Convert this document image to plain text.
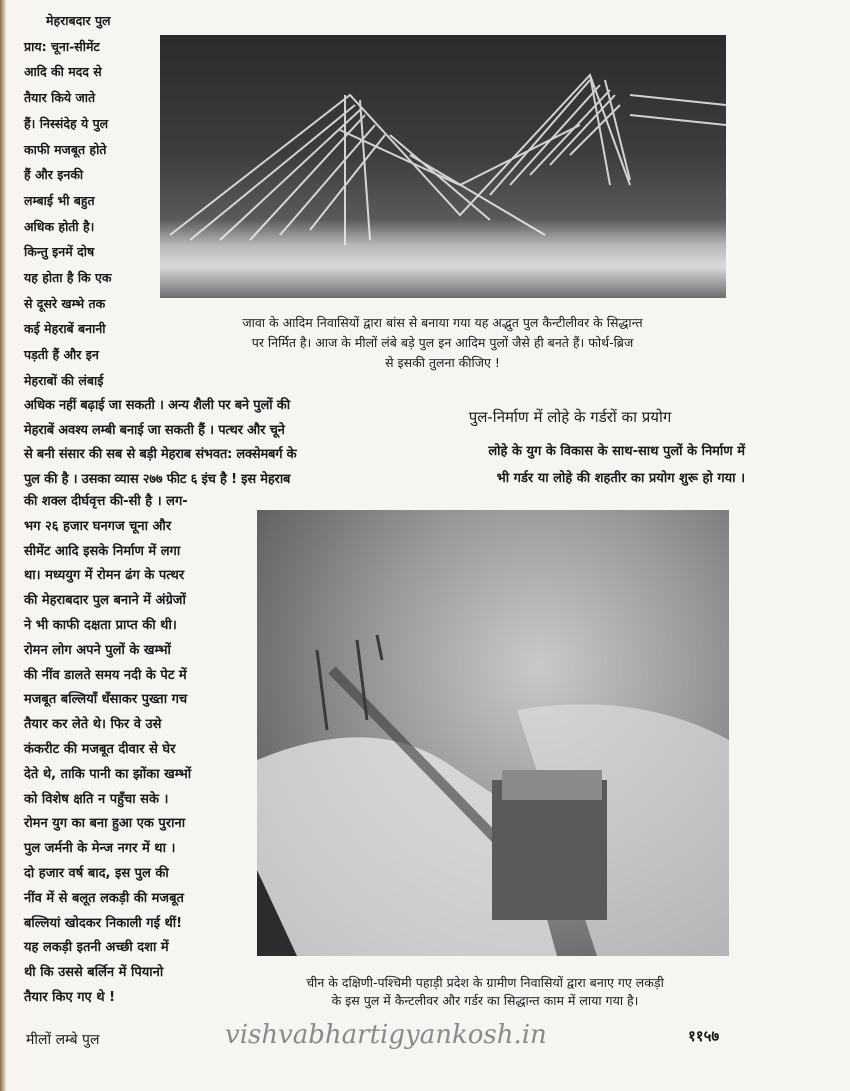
मेहराबदार पुल
प्राय: चूना-सीमेंट
आदि की मदद से
तैयार किये जाते
हैं। निस्संदेह ये पुल
काफी मजबूत होते
हैं और इनकी
लम्बाई भी बहुत
अधिक होती है।
किन्तु इनमें दोष
यह होता है कि एक
से दूसरे खम्भे तक
कई मेहराबें बनानी
पड़ती हैं और इन
मेहराबों की लंबाई
जावा के आदिम निवासियों द्वारा बांस से बनाया गया यह अद्भुत पुल कैन्टीलीवर के सिद्धान्त
पर निर्मित है। आज के मीलों लंबे बड़े पुल इन आदिम पुलों जैसे ही बनते हैं। फोर्थ-ब्रिज
से इसकी तुलना कीजिए !
अधिक नहीं बढ़ाई जा सकती । अन्य शैली पर बने पुलों की
मेहराबें अवश्य लम्बी बनाई जा सकती हैं । पत्थर और चूने
से बनी संसार की सब से बड़ी मेहराब संभवत: लक्सेमबर्ग के
पुल की है । उसका व्यास २७७ फीट ६ इंच है ! इस मेहराब
पुल-निर्माण में लोहे के गर्डरों का प्रयोग
लोहे के युग के विकास के साथ-साथ पुलों के निर्माण में
भी गर्डर या लोहे की शहतीर का प्रयोग शुरू हो गया ।
की शक्ल दीर्घवृत्त की-सी है । लग-
भग २६ हजार घनगज चूना और
सीमेंट आदि इसके निर्माण में लगा
था। मध्ययुग में रोमन ढंग के पत्थर
की मेहराबदार पुल बनाने में अंग्रेजों
ने भी काफी दक्षता प्राप्त की थी।
रोमन लोग अपने पुलों के खम्भों
की नींव डालते समय नदी के पेट में
मजबूत बल्लियाँ धँसाकर पुख्ता गच
तैयार कर लेते थे। फिर वे उसे
कंकरीट की मजबूत दीवार से घेर
देते थे, ताकि पानी का झोंका खम्भों
को विशेष क्षति न पहुँचा सके ।
रोमन युग का बना हुआ एक पुराना
पुल जर्मनी के मेन्ज नगर में था ।
दो हजार वर्ष बाद, इस पुल की
नींव में से बलूत लकड़ी की मजबूत
बल्लियां खोदकर निकाली गई थीं!
यह लकड़ी इतनी अच्छी दशा में
थी कि उससे बर्लिन में पियानो
तैयार किए गए थे !
चीन के दक्षिणी-पश्चिमी पहाड़ी प्रदेश के ग्रामीण निवासियों द्वारा बनाए गए लकड़ी
के इस पुल में कैन्टलीवर और गर्डर का सिद्धान्त काम में लाया गया है।
मीलों लम्बे पुल	vishvabhartigyankosh.in	११५७
